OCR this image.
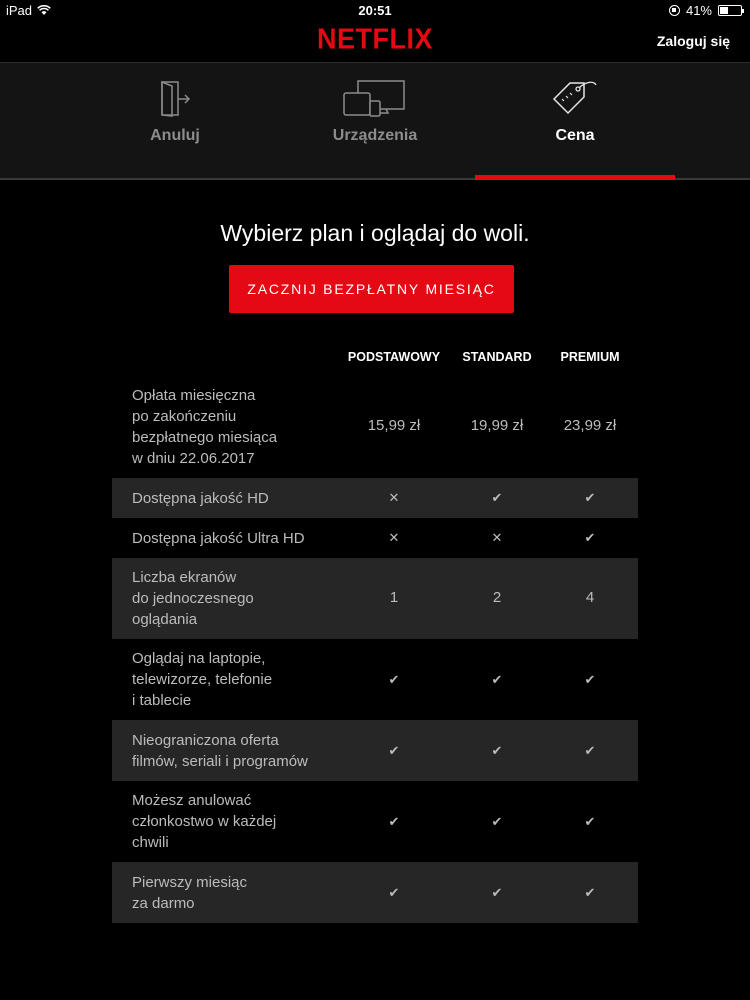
iPad	20:51	41%
NETFLIX	Zaloguj się
Anuluj	Urządzenia	Cena
Wybierz plan i oglądaj do woli.
ZACZNIJ BEZPŁATNY MIESIĄC
PODSTAWOWY	STANDARD	PREMIUM
Opłata miesięczna
po zakończeniu
bezpłatnego miesiąca
w dniu 22.06.2017
15,99 zł	19,99 zł	23,99 zł
Dostępna jakość HD	✕	✔	✔
Dostępna jakość Ultra HD	✕	✕	✔
Liczba ekranów
do jednoczesnego
oglądania
1	2	4
Oglądaj na laptopie,
telewizorze, telefonie
i tablecie
✔	✔	✔
Nieograniczona oferta
filmów, seriali i programów
✔	✔	✔
Możesz anulować
członkostwo w każdej
chwili
✔	✔	✔
Pierwszy miesiąc
za darmo
✔	✔	✔
